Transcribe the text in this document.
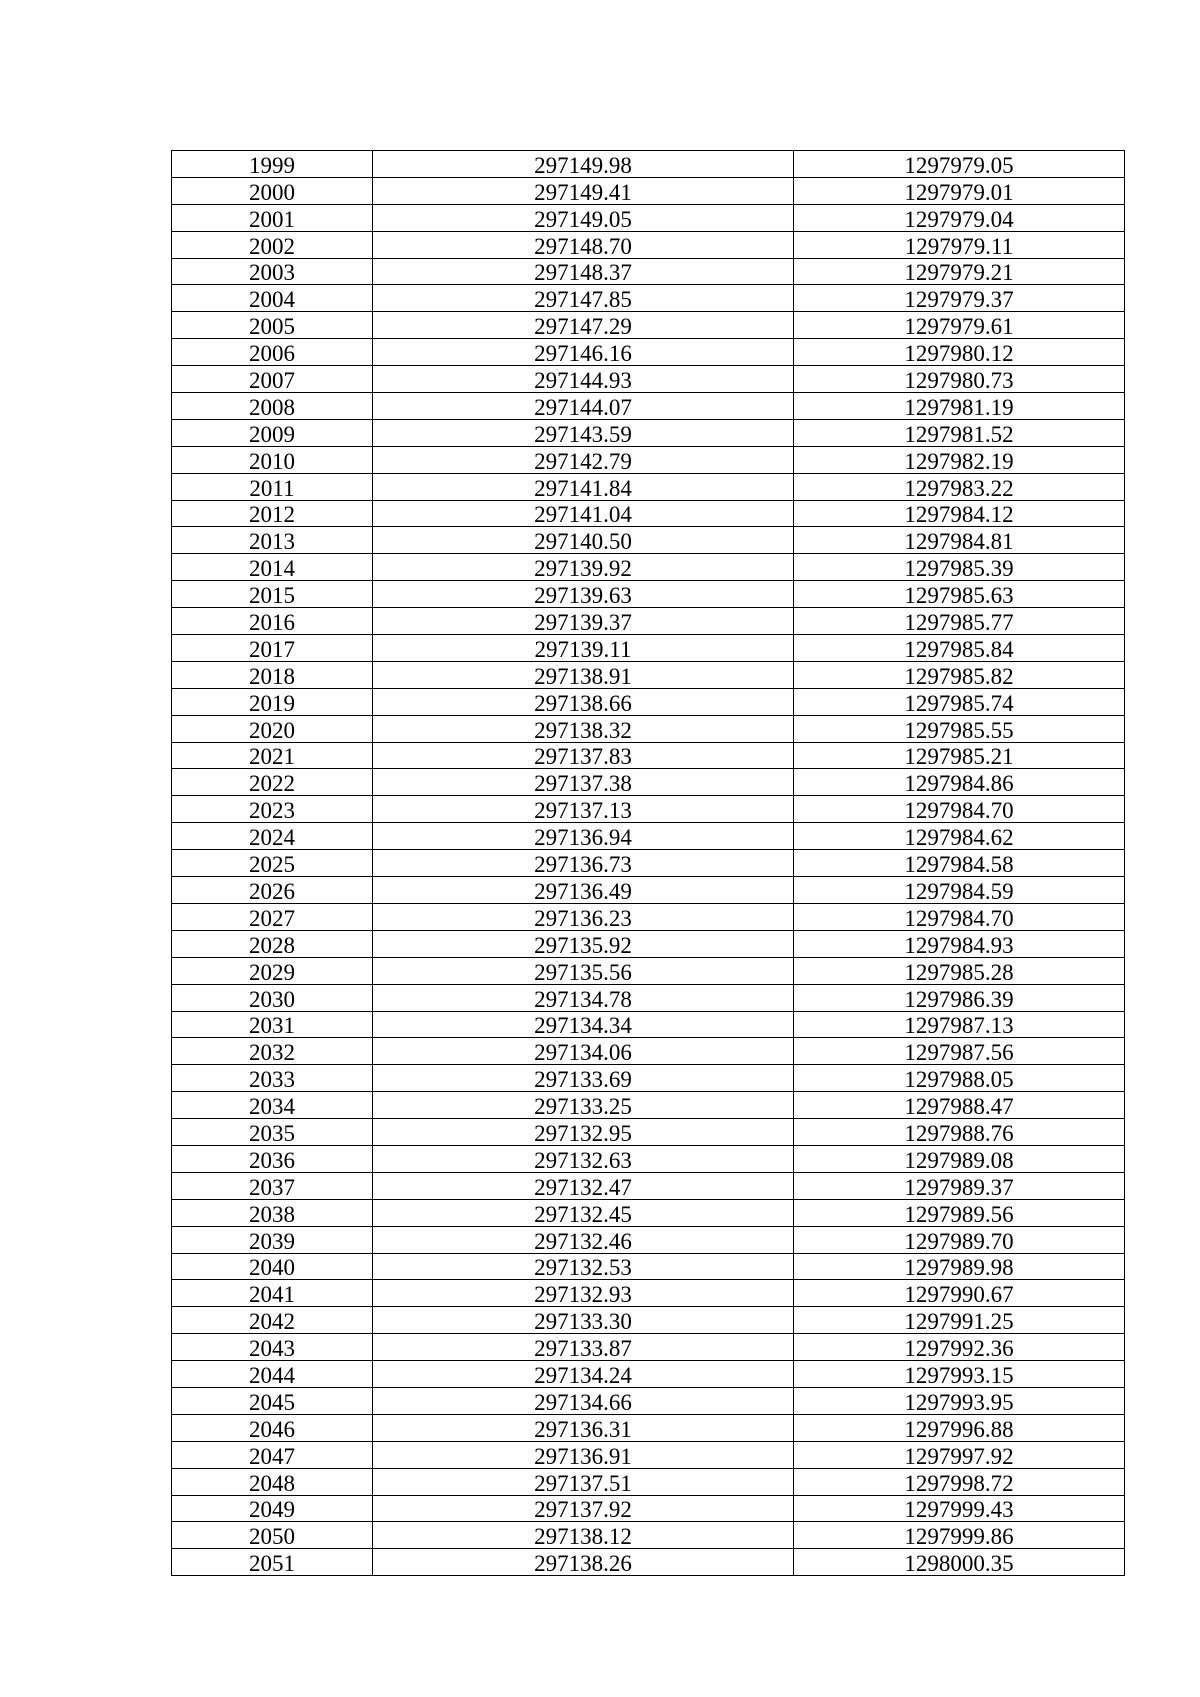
1999	297149.98	1297979.05
2000	297149.41	1297979.01
2001	297149.05	1297979.04
2002	297148.70	1297979.11
2003	297148.37	1297979.21
2004	297147.85	1297979.37
2005	297147.29	1297979.61
2006	297146.16	1297980.12
2007	297144.93	1297980.73
2008	297144.07	1297981.19
2009	297143.59	1297981.52
2010	297142.79	1297982.19
2011	297141.84	1297983.22
2012	297141.04	1297984.12
2013	297140.50	1297984.81
2014	297139.92	1297985.39
2015	297139.63	1297985.63
2016	297139.37	1297985.77
2017	297139.11	1297985.84
2018	297138.91	1297985.82
2019	297138.66	1297985.74
2020	297138.32	1297985.55
2021	297137.83	1297985.21
2022	297137.38	1297984.86
2023	297137.13	1297984.70
2024	297136.94	1297984.62
2025	297136.73	1297984.58
2026	297136.49	1297984.59
2027	297136.23	1297984.70
2028	297135.92	1297984.93
2029	297135.56	1297985.28
2030	297134.78	1297986.39
2031	297134.34	1297987.13
2032	297134.06	1297987.56
2033	297133.69	1297988.05
2034	297133.25	1297988.47
2035	297132.95	1297988.76
2036	297132.63	1297989.08
2037	297132.47	1297989.37
2038	297132.45	1297989.56
2039	297132.46	1297989.70
2040	297132.53	1297989.98
2041	297132.93	1297990.67
2042	297133.30	1297991.25
2043	297133.87	1297992.36
2044	297134.24	1297993.15
2045	297134.66	1297993.95
2046	297136.31	1297996.88
2047	297136.91	1297997.92
2048	297137.51	1297998.72
2049	297137.92	1297999.43
2050	297138.12	1297999.86
2051	297138.26	1298000.35
